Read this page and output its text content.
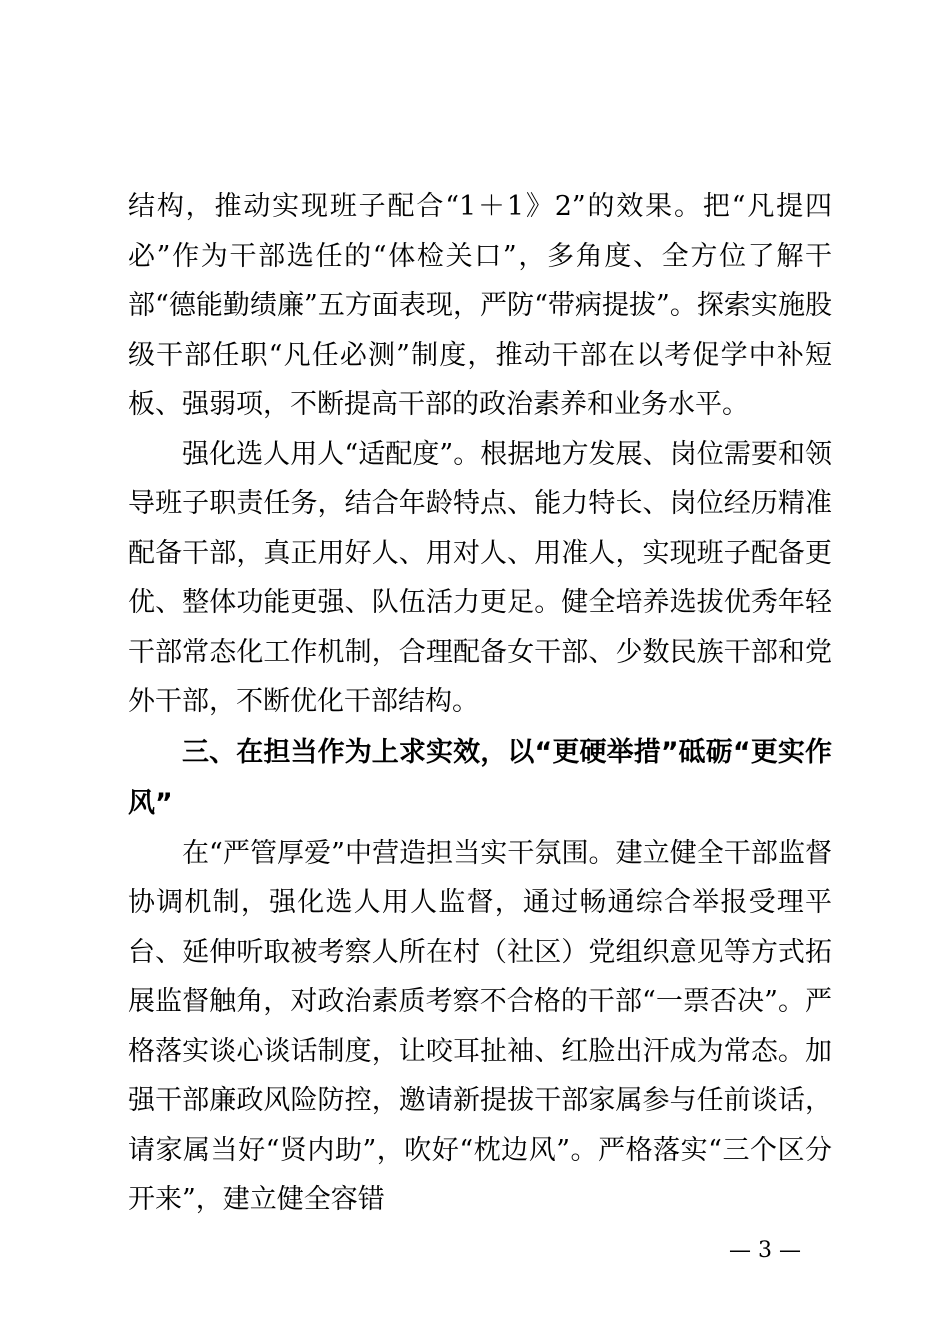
结构，推动实现班子配合“1＋1》2”的效果。把“凡提四必”作为干部选任的“体检关口”，多角度、全方位了解干部“德能勤绩廉”五方面表现，严防“带病提拔”。探索实施股级干部任职“凡任必测”制度，推动干部在以考促学中补短板、强弱项，不断提高干部的政治素养和业务水平。

强化选人用人“适配度”。根据地方发展、岗位需要和领导班子职责任务，结合年龄特点、能力特长、岗位经历精准配备干部，真正用好人、用对人、用准人，实现班子配备更优、整体功能更强、队伍活力更足。健全培养选拔优秀年轻干部常态化工作机制，合理配备女干部、少数民族干部和党外干部，不断优化干部结构。

三、在担当作为上求实效，以“更硬举措”砥砺“更实作风”

在“严管厚爱”中营造担当实干氛围。建立健全干部监督协调机制，强化选人用人监督，通过畅通综合举报受理平台、延伸听取被考察人所在村（社区）党组织意见等方式拓展监督触角，对政治素质考察不合格的干部“一票否决”。严格落实谈心谈话制度，让咬耳扯袖、红脸出汗成为常态。加强干部廉政风险防控，邀请新提拔干部家属参与任前谈话，请家属当好“贤内助”，吹好“枕边风”。严格落实“三个区分开来”，建立健全容错

— 3 —
